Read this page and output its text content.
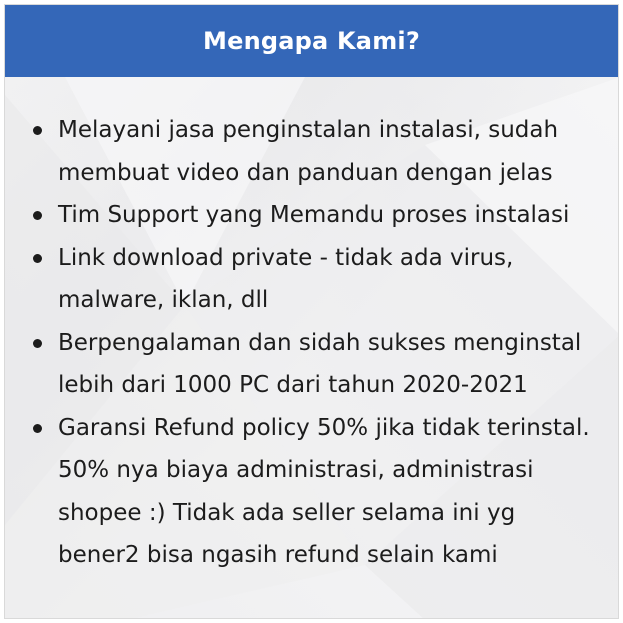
Mengapa Kami?
Melayani jasa penginstalan instalasi, sudah
membuat video dan panduan dengan jelas
Tim Support yang Memandu proses instalasi
Link download private - tidak ada virus,
malware, iklan, dll
Berpengalaman dan sidah sukses menginstal
lebih dari 1000 PC dari tahun 2020-2021
Garansi Refund policy 50% jika tidak terinstal.
50% nya biaya administrasi, administrasi
shopee :) Tidak ada seller selama ini yg
bener2 bisa ngasih refund selain kami
